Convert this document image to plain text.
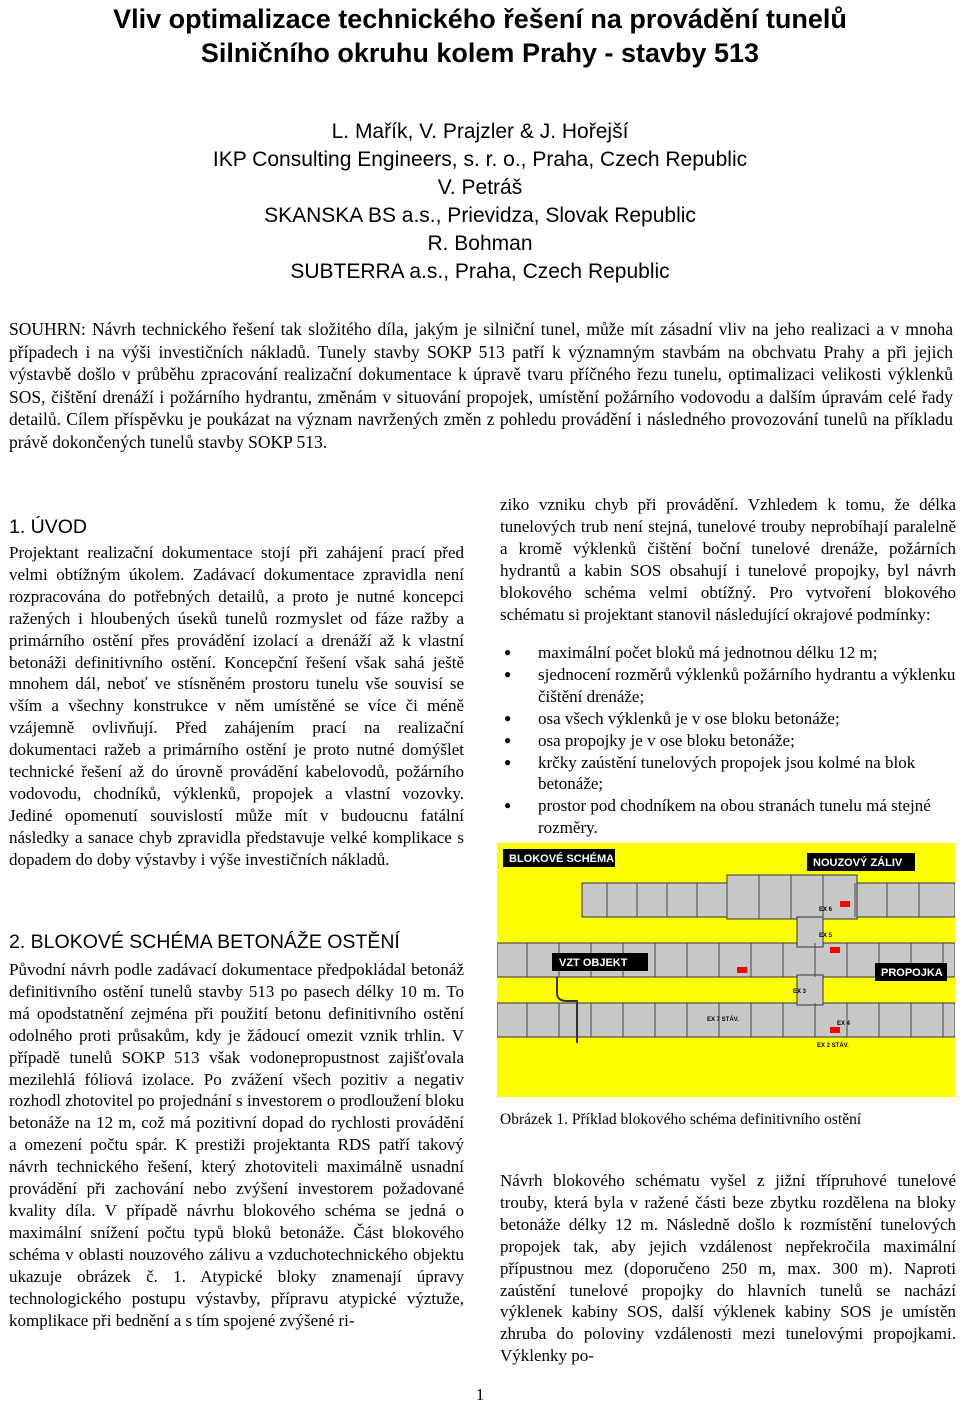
Vliv optimalizace technického řešení na provádění tunelů
Silničního okruhu kolem Prahy - stavby 513
L. Mařík, V. Prajzler & J. Hořejší
IKP Consulting Engineers, s. r. o., Praha, Czech Republic
V. Petráš
SKANSKA BS a.s., Prievidza, Slovak Republic
R. Bohman
SUBTERRA a.s., Praha, Czech Republic
SOUHRN: Návrh technického řešení tak složitého díla, jakým je silniční tunel, může mít zásadní vliv na jeho realizaci a v mnoha případech i na výši investičních nákladů. Tunely stavby SOKP 513 patří k významným stavbám na obchvatu Prahy a při jejich výstavbě došlo v průběhu zpracování realizační dokumentace k úpravě tvaru příčného řezu tunelu, optimalizaci velikosti výklenků SOS, čištění drenáží i požárního hydrantu, změnám v situování propojek, umístění požárního vodovodu a dalším úpravám celé řady detailů. Cílem příspěvku je poukázat na význam navržených změn z pohledu provádění i následného provozování tunelů na příkladu právě dokončených tunelů stavby SOKP 513.
1. ÚVOD
Projektant realizační dokumentace stojí při zahájení prací před velmi obtížným úkolem. Zadávací dokumentace zpravidla není rozpracována do potřebných detailů, a proto je nutné koncepci ražených i hloubených úseků tunelů rozmyslet od fáze ražby a primárního ostění přes provádění izolací a drenáží až k vlastní betonáži definitivního ostění. Koncepční řešení však sahá ještě mnohem dál, neboť ve stísněném prostoru tunelu vše souvisí se vším a všechny konstrukce v něm umístěné se více či méně vzájemně ovlivňují. Před zahájením prací na realizační dokumentaci ražeb a primárního ostění je proto nutné domýšlet technické řešení až do úrovně provádění kabelovodů, požárního vodovodu, chodníků, výklenků, propojek a vlastní vozovky. Jediné opomenutí souvislostí může mít v budoucnu fatální následky a sanace chyb zpravidla představuje velké komplikace s dopadem do doby výstavby i výše investičních nákladů.
2. BLOKOVÉ SCHÉMA BETONÁŽE OSTĚNÍ
Původní návrh podle zadávací dokumentace předpokládal betonáž definitivního ostění tunelů stavby 513 po pasech délky 10 m. To má opodstatnění zejména při použití betonu definitivního ostění odolného proti průsakům, kdy je žádoucí omezit vznik trhlin. V případě tunelů SOKP 513 však vodonepropustnost zajišťovala mezilehlá fóliová izolace. Po zvážení všech pozitiv a negativ rozhodl zhotovitel po projednání s investorem o prodloužení bloku betonáže na 12 m, což má pozitivní dopad do rychlosti provádění a omezení počtu spár. K prestiži projektanta RDS patří takový návrh technického řešení, který zhotoviteli maximálně usnadní provádění při zachování nebo zvýšení investorem požadované kvality díla. V případě návrhu blokového schéma se jedná o maximální snížení počtu typů bloků betonáže. Část blokového schéma v oblasti nouzového zálivu a vzduchotechnického objektu ukazuje obrázek č. 1. Atypické bloky znamenají úpravy technologického postupu výstavby, přípravu atypické výztuže, komplikace při bednění a s tím spojené zvýšené ri-
ziko vzniku chyb při provádění. Vzhledem k tomu, že délka tunelových trub není stejná, tunelové trouby neprobíhají paralelně a kromě výklenků čištění boční tunelové drenáže, požárních hydrantů a kabin SOS obsahují i tunelové propojky, byl návrh blokového schéma velmi obtížný. Pro vytvoření blokového schématu si projektant stanovil následující okrajové podmínky:
● maximální počet bloků má jednotnou délku 12 m;
● sjednocení rozměrů výklenků požárního hydrantu a výklenku čištění drenáže;
● osa všech výklenků je v ose bloku betonáže;
● osa propojky je v ose bloku betonáže;
● krčky zaústění tunelových propojek jsou kolmé na blok betonáže;
● prostor pod chodníkem na obou stranách tunelu má stejné rozměry.
BLOKOVÉ SCHÉMA	NOUZOVÝ ZÁLIV
VZT OBJEKT
PROPOJKA
EX 6
EX 5
EX 3
EX 4
EX 7 STÁV.
EX 2 STÁV.
Obrázek 1. Příklad blokového schéma definitivního ostění
Návrh blokového schématu vyšel z jižní třípruhové tunelové trouby, která byla v ražené části beze zbytku rozdělena na bloky betonáže délky 12 m. Následně došlo k rozmístění tunelových propojek tak, aby jejich vzdálenost nepřekročila maximální přípustnou mez (doporučeno 250 m, max. 300 m). Naproti zaústění tunelové propojky do hlavních tunelů se nachází výklenek kabiny SOS, další výklenek kabiny SOS je umístěn zhruba do poloviny vzdálenosti mezi tunelovými propojkami. Výklenky po-
1
